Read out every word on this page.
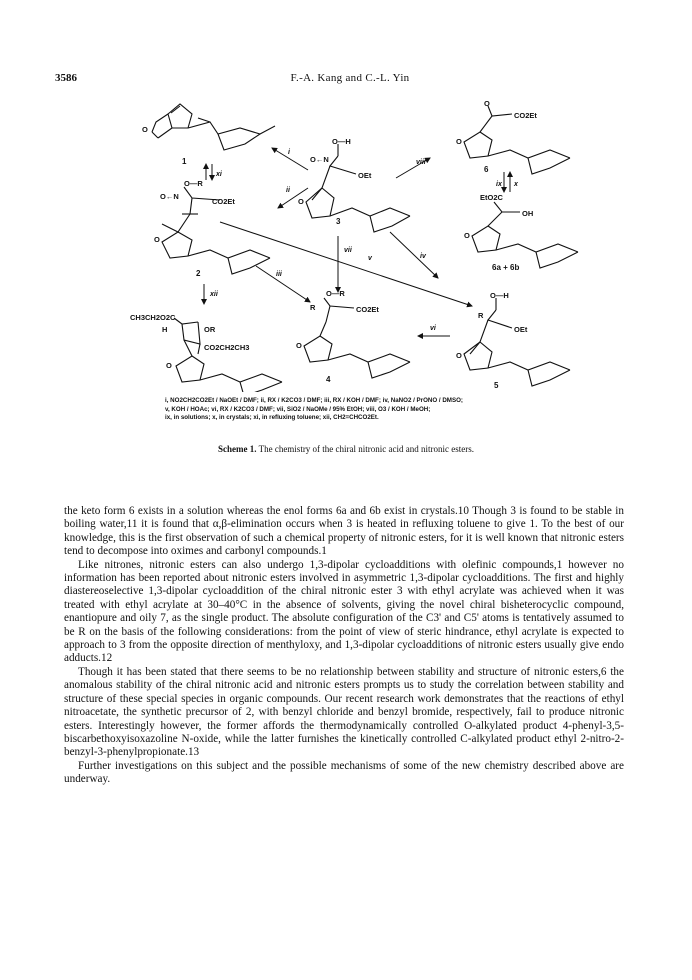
3586	F.-A. Kang and C.-L. Yin
O
1
xi
O—R
O←N
CO2Et
O
2
O—H
O←N
OEt
O
3
i
ii
viii
vii
iv
v
iii
O
CO2Et
O
6
ix x
EtO2C
OH
O
6a + 6b
xii
CH3CH2O2C
H	OR
CO2CH2CH3
O
O—R
R	CO2Et
O
4
vi
O—H
R
OEt
O
5
i, NO2CH2CO2Et / NaOEt / DMF; ii, RX / K2CO3 / DMF; iii, RX / KOH / DMF; iv, NaNO2 / PrONO / DMSO;
v, KOH / HOAc; vi, RX / K2CO3 / DMF; vii, SiO2 / NaOMe / 95% EtOH; viii, O3 / KOH / MeOH;
ix, in solutions; x, in crystals; xi, in refluxing toluene; xii, CH2=CHCO2Et.
Scheme 1. The chemistry of the chiral nitronic acid and nitronic esters.

the keto form 6 exists in a solution whereas the enol forms 6a and 6b exist in crystals.10 Though 3 is found to be stable in boiling water,11 it is found that α,β-elimination occurs when 3 is heated in refluxing toluene to give 1. To the best of our knowledge, this is the first observation of such a chemical property of nitronic esters, for it is well known that nitronic esters tend to decompose into oximes and carbonyl compounds.1

Like nitrones, nitronic esters can also undergo 1,3-dipolar cycloadditions with olefinic compounds,1 however no information has been reported about nitronic esters involved in asymmetric 1,3-dipolar cycloadditions. The first and highly diastereoselective 1,3-dipolar cycloaddition of the chiral nitronic ester 3 with ethyl acrylate was achieved when it was treated with ethyl acrylate at 30–40°C in the absence of solvents, giving the novel chiral bisheterocyclic compound, enantiopure and oily 7, as the single product. The absolute configuration of the C3' and C5' atoms is tentatively assumed to be R on the basis of the following considerations: from the point of view of steric hindrance, ethyl acrylate is expected to approach to 3 from the opposite direction of menthyloxy, and 1,3-dipolar cycloadditions of nitronic esters usually give endo adducts.12

Though it has been stated that there seems to be no relationship between stability and structure of nitronic esters,6 the anomalous stability of the chiral nitronic acid and nitronic esters prompts us to study the correlation between stability and structure of these special species in organic compounds. Our recent research work demonstrates that the reactions of ethyl nitroacetate, the synthetic precursor of 2, with benzyl chloride and benzyl bromide, respectively, fail to produce nitronic esters. Interestingly however, the former affords the thermodynamically controlled O-alkylated product 4-phenyl-3,5-biscarbethoxyisoxazoline N-oxide, while the latter furnishes the kinetically controlled C-alkylated product ethyl 2-nitro-2-benzyl-3-phenylpropionate.13

Further investigations on this subject and the possible mechanisms of some of the new chemistry described above are underway.
